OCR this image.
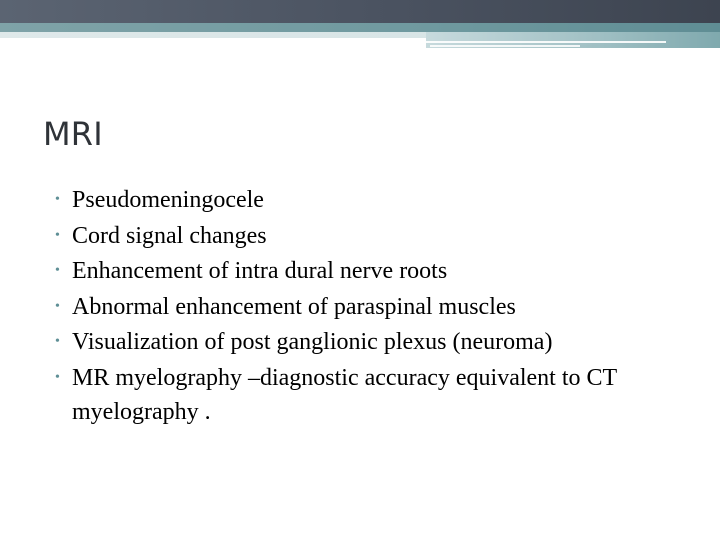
MRI
• Pseudomeningocele
• Cord signal changes
• Enhancement of intra dural nerve roots
• Abnormal enhancement of paraspinal muscles
• Visualization of post ganglionic plexus (neuroma)
• MR myelography –diagnostic accuracy equivalent to CT myelography .
